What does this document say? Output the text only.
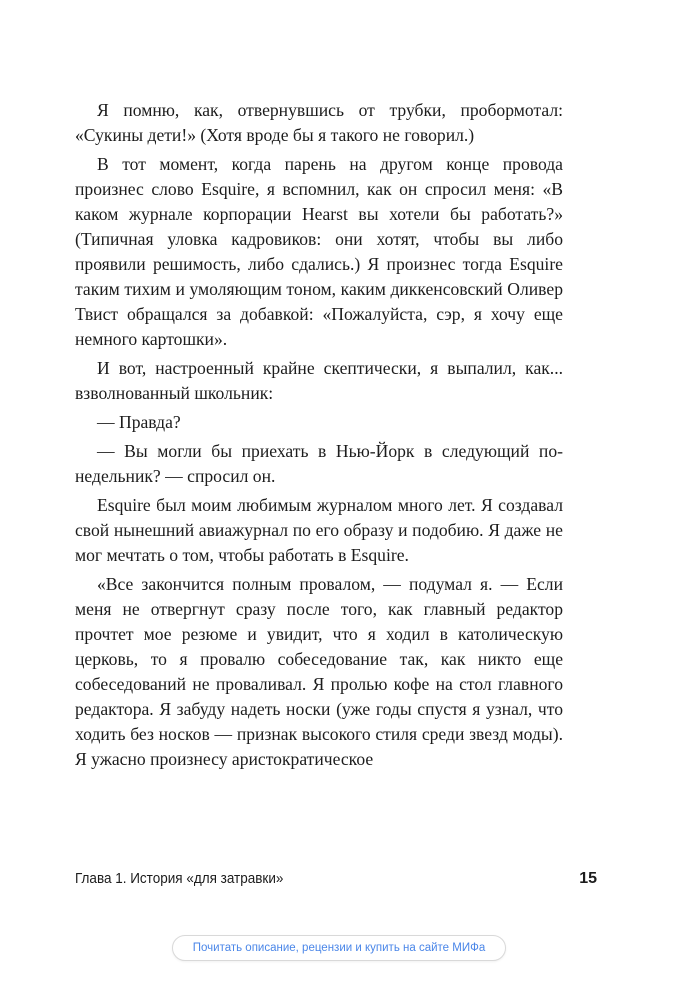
Я помню, как, отвернувшись от трубки, пробормотал: «Сукины дети!» (Хотя вроде бы я такого не говорил.)

В тот момент, когда парень на другом конце провода произнес слово Esquire, я вспомнил, как он спросил меня: «В каком журнале корпорации Hearst вы хотели бы работать?» (Типичная уловка кадровиков: они хотят, чтобы вы либо проявили решимость, либо сдались.) Я произнес тогда Esquire таким тихим и умоляющим тоном, каким диккенсовский Оливер Твист обращался за добавкой: «Пожалуйста, сэр, я хочу еще немного картошки».

И вот, настроенный крайне скептически, я выпалил, как... взволнованный школьник:

— Правда?

— Вы могли бы приехать в Нью-Йорк в следующий понедельник? — спросил он.

Esquire был моим любимым журналом много лет. Я создавал свой нынешний авиажурнал по его образу и подобию. Я даже не мог мечтать о том, чтобы работать в Esquire.

«Все закончится полным провалом, — подумал я. — Если меня не отвергнут сразу после того, как главный редактор прочтет мое резюме и увидит, что я ходил в католическую церковь, то я провалю собеседование так, как никто еще собеседований не проваливал. Я пролью кофе на стол главного редактора. Я забуду надеть носки (уже годы спустя я узнал, что ходить без носков — признак высокого стиля среди звезд моды). Я ужасно произнесу аристократическое

Глава 1. История «для затравки»	15
Почитать описание, рецензии и купить на сайте МИФа
